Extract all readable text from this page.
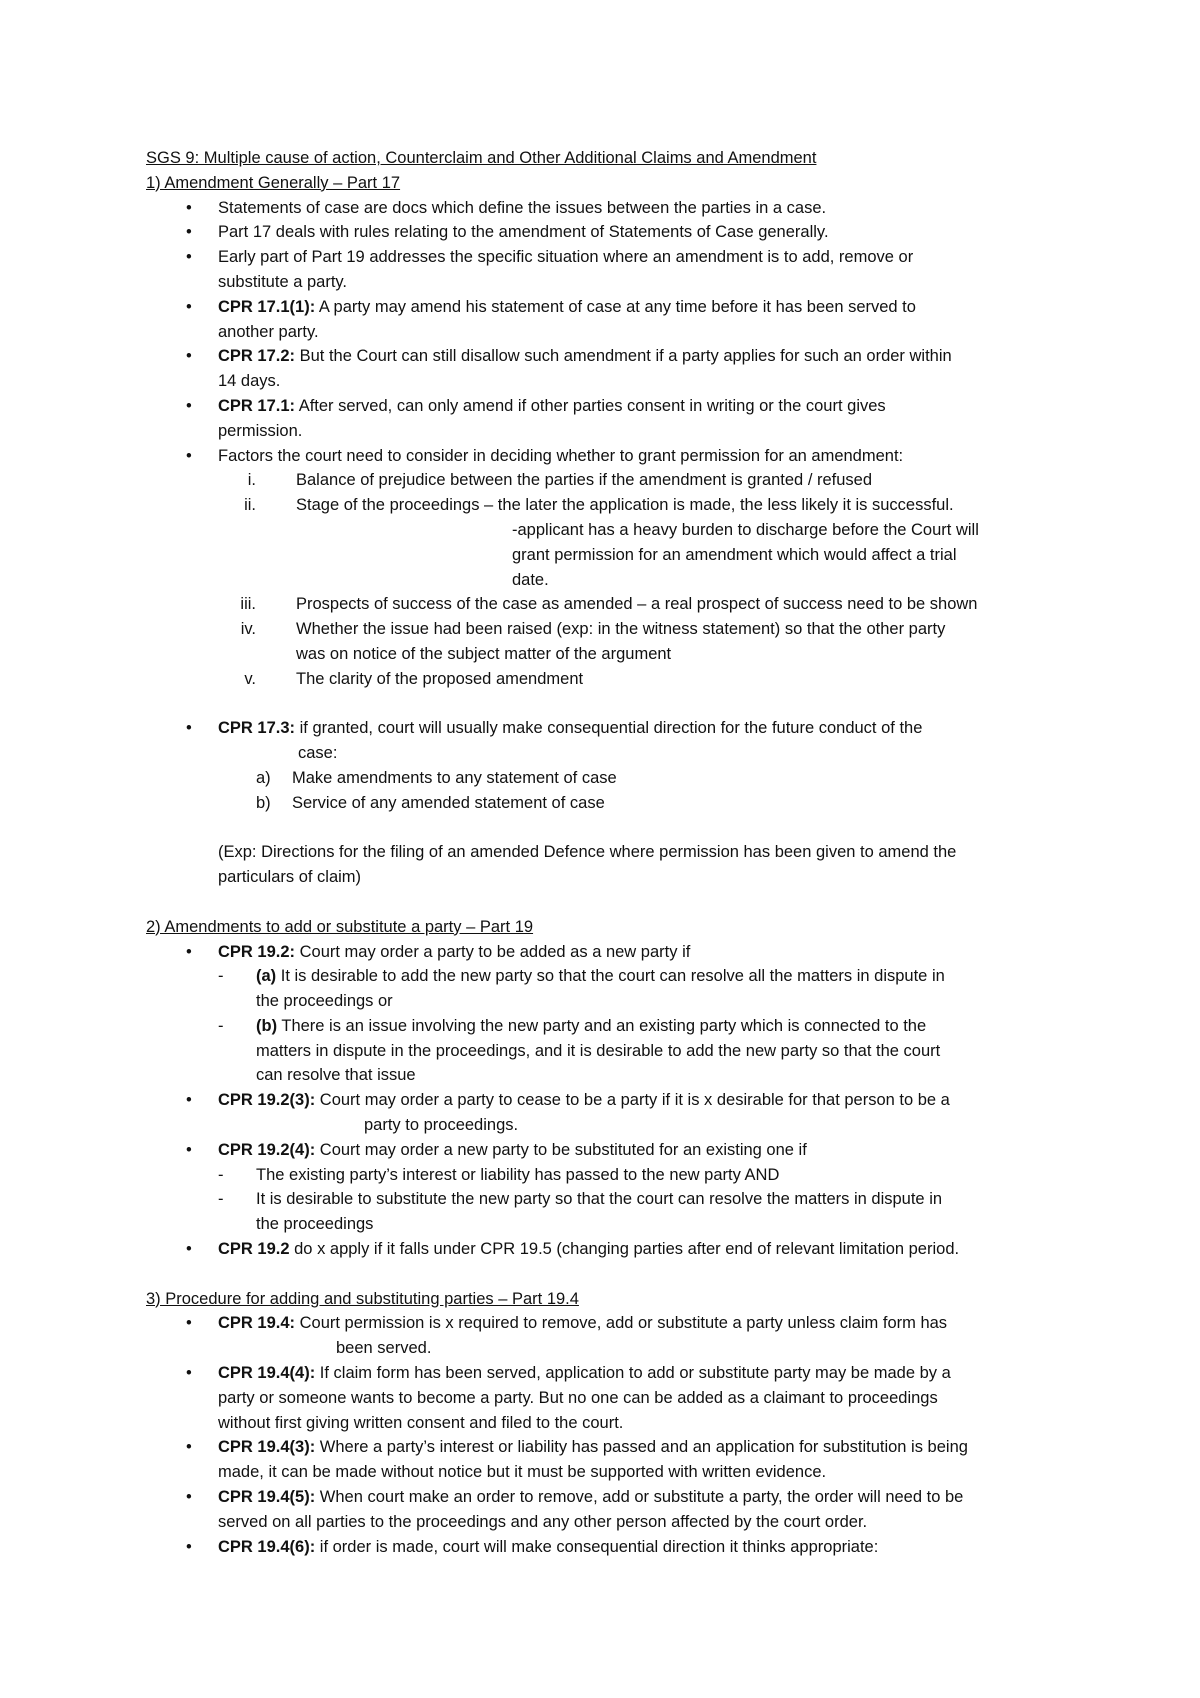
SGS 9: Multiple cause of action, Counterclaim and Other Additional Claims and Amendment
1) Amendment Generally – Part 17
•	Statements of case are docs which define the issues between the parties in a case.
•	Part 17 deals with rules relating to the amendment of Statements of Case generally.
•	Early part of Part 19 addresses the specific situation where an amendment is to add, remove or
substitute a party.
•	CPR 17.1(1): A party may amend his statement of case at any time before it has been served to
another party.
•	CPR 17.2: But the Court can still disallow such amendment if a party applies for such an order within
14 days.
•	CPR 17.1: After served, can only amend if other parties consent in writing or the court gives
permission.
•	Factors the court need to consider in deciding whether to grant permission for an amendment:
i. Balance of prejudice between the parties if the amendment is granted / refused
ii. Stage of the proceedings – the later the application is made, the less likely it is successful.
-applicant has a heavy burden to discharge before the Court will
grant permission for an amendment which would affect a trial
date.
iii. Prospects of success of the case as amended – a real prospect of success need to be shown
iv. Whether the issue had been raised (exp: in the witness statement) so that the other party
was on notice of the subject matter of the argument
v. The clarity of the proposed amendment
•	CPR 17.3: if granted, court will usually make consequential direction for the future conduct of the
case:
a) Make amendments to any statement of case
b) Service of any amended statement of case
(Exp: Directions for the filing of an amended Defence where permission has been given to amend the
particulars of claim)
2) Amendments to add or substitute a party – Part 19
•	CPR 19.2: Court may order a party to be added as a new party if
- (a) It is desirable to add the new party so that the court can resolve all the matters in dispute in
the proceedings or
- (b) There is an issue involving the new party and an existing party which is connected to the
matters in dispute in the proceedings, and it is desirable to add the new party so that the court
can resolve that issue
•	CPR 19.2(3): Court may order a party to cease to be a party if it is x desirable for that person to be a
party to proceedings.
•	CPR 19.2(4): Court may order a new party to be substituted for an existing one if
- The existing party’s interest or liability has passed to the new party AND
- It is desirable to substitute the new party so that the court can resolve the matters in dispute in
the proceedings
•	CPR 19.2 do x apply if it falls under CPR 19.5 (changing parties after end of relevant limitation period.
3) Procedure for adding and substituting parties – Part 19.4
•	CPR 19.4: Court permission is x required to remove, add or substitute a party unless claim form has
been served.
•	CPR 19.4(4): If claim form has been served, application to add or substitute party may be made by a
party or someone wants to become a party. But no one can be added as a claimant to proceedings
without first giving written consent and filed to the court.
•	CPR 19.4(3): Where a party’s interest or liability has passed and an application for substitution is being
made, it can be made without notice but it must be supported with written evidence.
•	CPR 19.4(5): When court make an order to remove, add or substitute a party, the order will need to be
served on all parties to the proceedings and any other person affected by the court order.
•	CPR 19.4(6): if order is made, court will make consequential direction it thinks appropriate:
